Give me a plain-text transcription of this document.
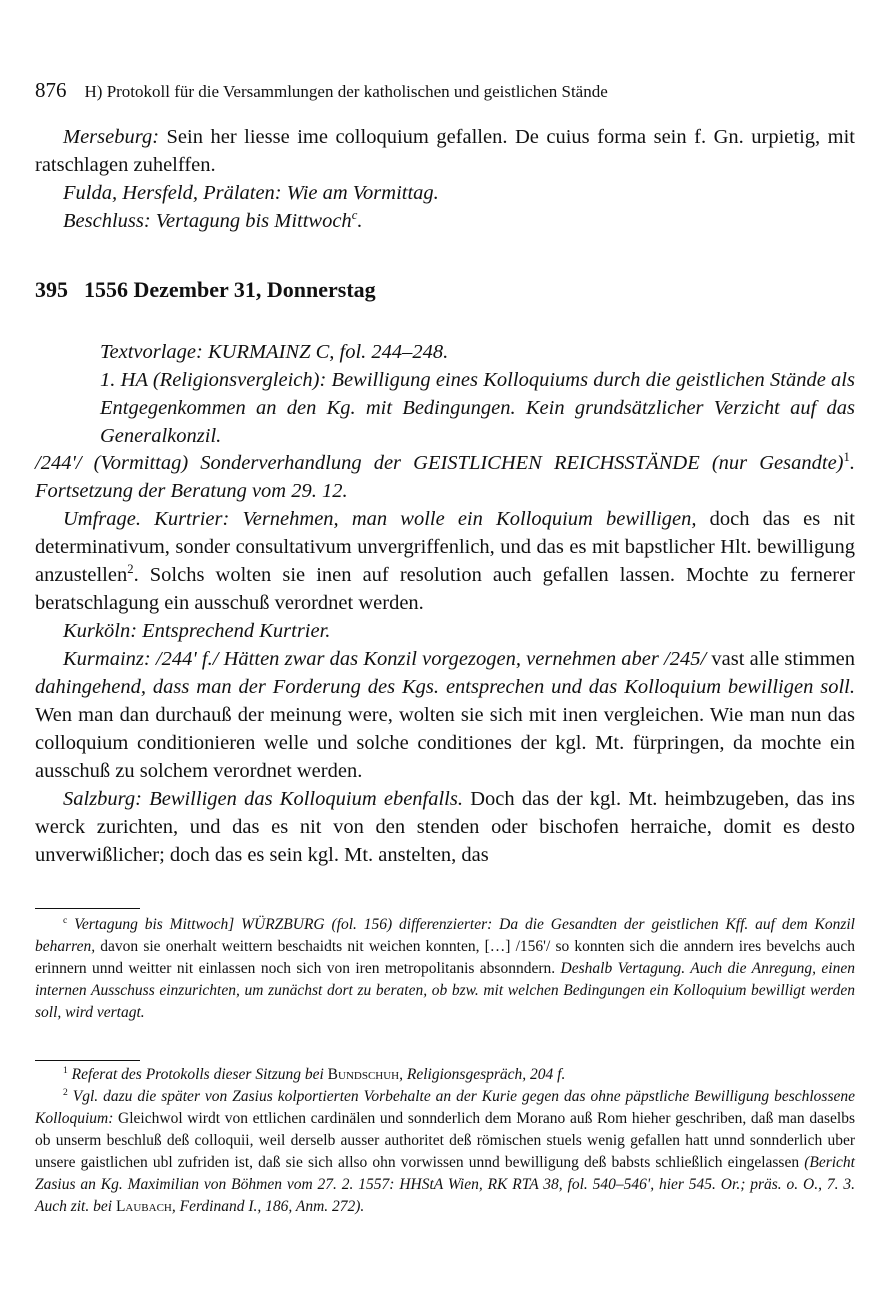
876 H) Protokoll für die Versammlungen der katholischen und geistlichen Stände

Merseburg: Sein her liesse ime colloquium gefallen. De cuius forma sein f. Gn. urpietig, mit ratschlagen zuhelffen.

Fulda, Hersfeld, Prälaten: Wie am Vormittag.

Beschluss: Vertagung bis Mittwoch$^c$.

395 1556 Dezember 31, Donnerstag

Textvorlage: KURMAINZ C, fol. 244–248.

1. HA (Religionsvergleich): Bewilligung eines Kolloquiums durch die geistlichen Stände als Entgegenkommen an den Kg. mit Bedingungen. Kein grundsätzlicher Verzicht auf das Generalkonzil.

/244'/ (Vormittag) Sonderverhandlung der GEISTLICHEN REICHSSTÄNDE (nur Gesandte)$^1$. Fortsetzung der Beratung vom 29. 12.

Umfrage. Kurtrier: Vernehmen, man wolle ein Kolloquium bewilligen, doch das es nit determinativum, sonder consultativum unvergriffenlich, und das es mit bapstlicher Hlt. bewilligung anzustellen$^2$. Solchs wolten sie inen auf resolution auch gefallen lassen. Mochte zu fernerer beratschlagung ein ausschuß verordnet werden.

Kurköln: Entsprechend Kurtrier.

Kurmainz: /244' f./ Hätten zwar das Konzil vorgezogen, vernehmen aber /245/ vast alle stimmen dahingehend, dass man der Forderung des Kgs. entsprechen und das Kolloquium bewilligen soll. Wen man dan durchauß der meinung were, wolten sie sich mit inen vergleichen. Wie man nun das colloquium conditionieren welle und solche conditiones der kgl. Mt. fürpringen, da mochte ein ausschuß zu solchem verordnet werden.

Salzburg: Bewilligen das Kolloquium ebenfalls. Doch das der kgl. Mt. heimbzugeben, das ins werck zurichten, und das es nit von den stenden oder bischofen herraiche, domit es desto unverwißlicher; doch das es sein kgl. Mt. anstelten, das

$^c$ Vertagung bis Mittwoch] WÜRZBURG (fol. 156) differenzierter: Da die Gesandten der geistlichen Kff. auf dem Konzil beharren, davon sie onerhalt weittern beschaidts nit weichen konnten, […] /156'/ so konnten sich die anndern ires bevelchs auch erinnern unnd weitter nit einlassen noch sich von iren metropolitanis absonndern. Deshalb Vertagung. Auch die Anregung, einen internen Ausschuss einzurichten, um zunächst dort zu beraten, ob bzw. mit welchen Bedingungen ein Kolloquium bewilligt werden soll, wird vertagt.

$^1$ Referat des Protokolls dieser Sitzung bei Bundschuh, Religionsgespräch, 204 f.

$^2$ Vgl. dazu die später von Zasius kolportierten Vorbehalte an der Kurie gegen das ohne päpstliche Bewilligung beschlossene Kolloquium: Gleichwol wirdt von ettlichen cardinälen und sonnderlich dem Morano auß Rom hieher geschriben, daß man daselbs ob unserm beschluß deß colloquii, weil derselb ausser authoritet deß römischen stuels wenig gefallen hatt unnd sonnderlich uber unsere gaistlichen ubl zufriden ist, daß sie sich allso ohn vorwissen unnd bewilligung deß babsts schließlich eingelassen (Bericht Zasius an Kg. Maximilian von Böhmen vom 27. 2. 1557: HHStA Wien, RK RTA 38, fol. 540–546', hier 545. Or.; präs. o. O., 7. 3. Auch zit. bei Laubach, Ferdinand I., 186, Anm. 272).
